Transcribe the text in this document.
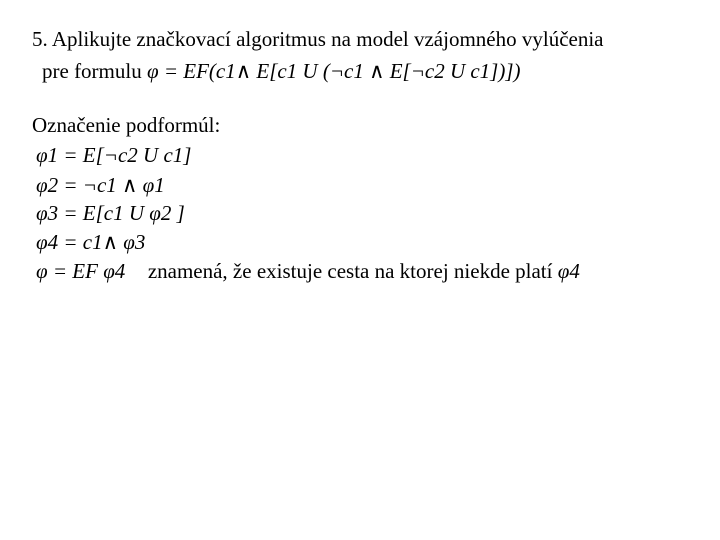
5. Aplikujte značkovací algoritmus na model vzájomného vylúčenia
pre formulu φ = EF(c1∧ E[c1 U (¬c1 ∧ E[¬c2 U c1])])
Označenie podformúl:
φ1 = E[¬c2 U c1]
φ2 = ¬c1 ∧ φ1
φ3 = E[c1 U φ2 ]
φ4 = c1∧ φ3
φ = EF φ4 znamená, že existuje cesta na ktorej niekde platí φ4
